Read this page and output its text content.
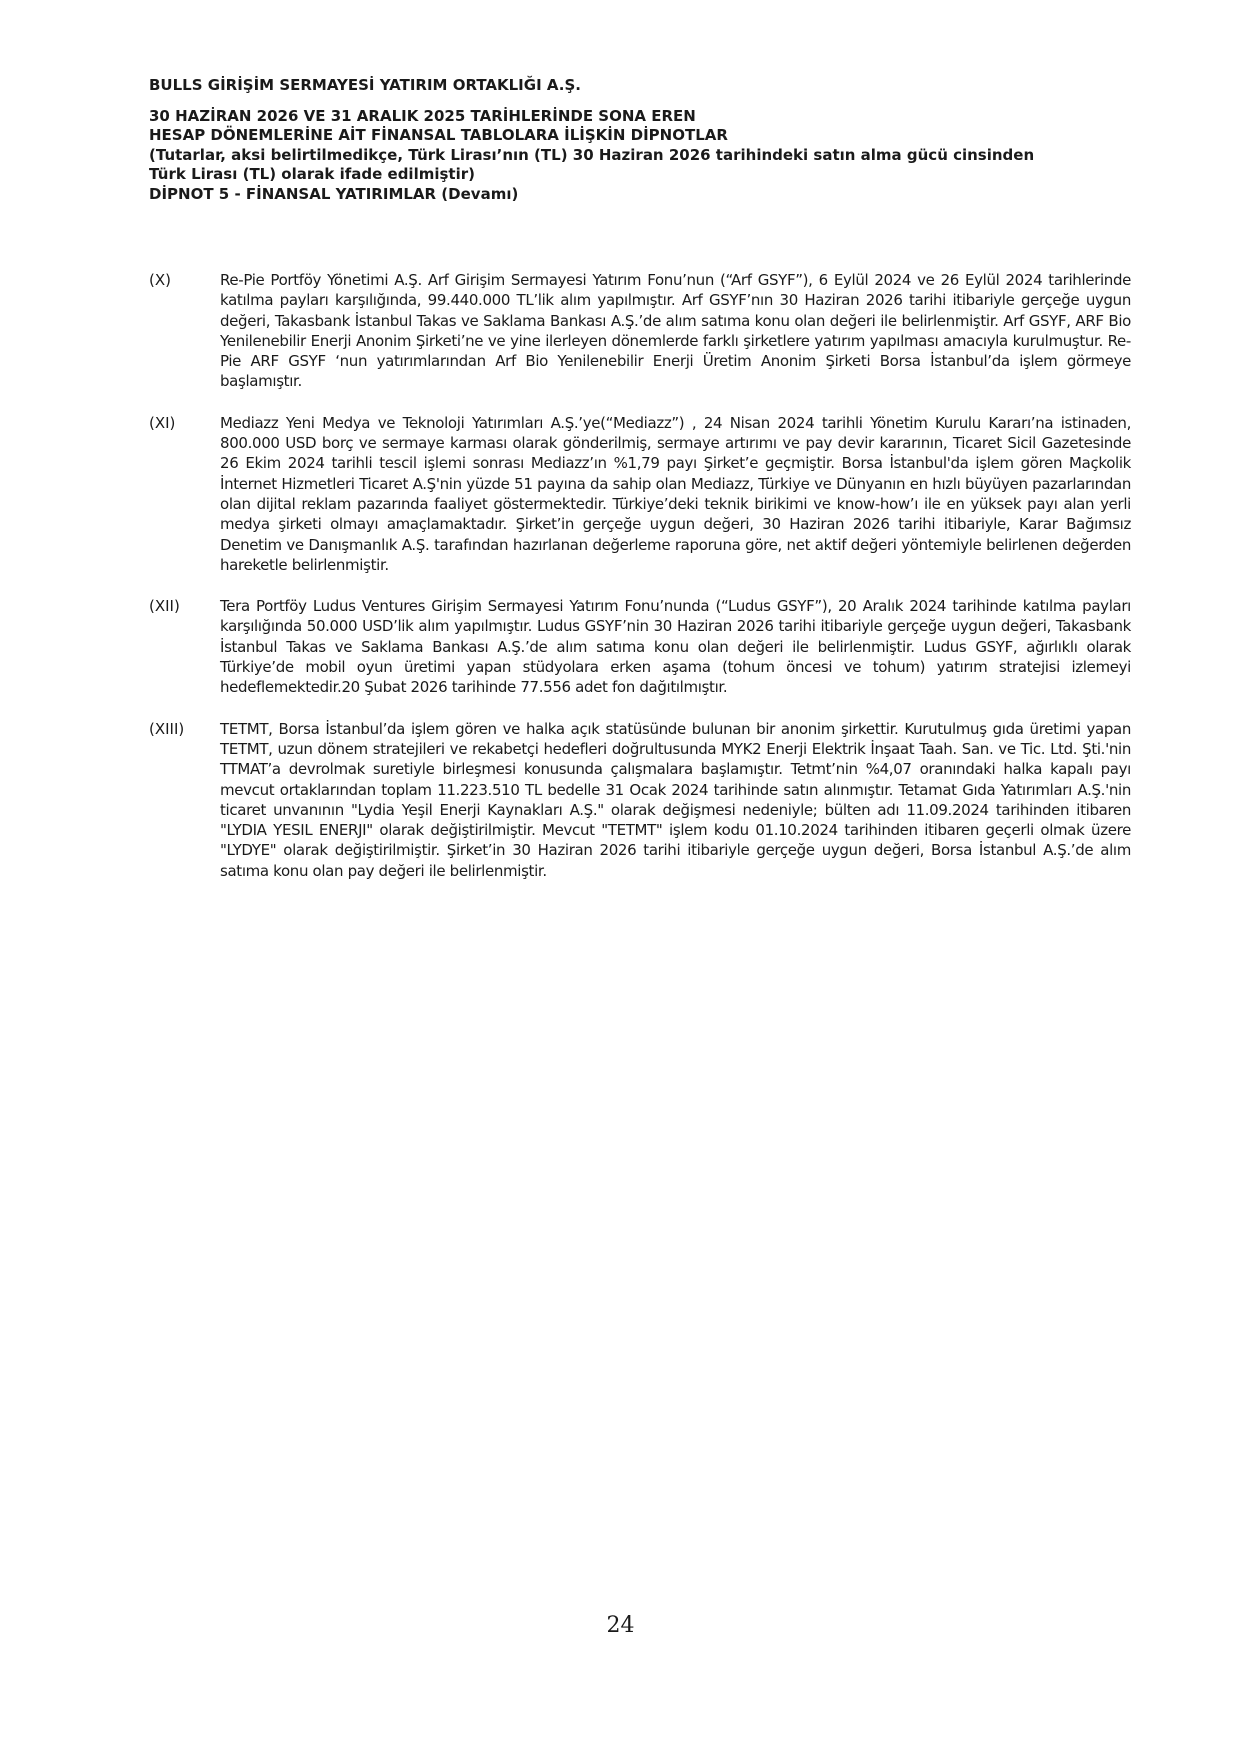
BULLS GİRİŞİM SERMAYESİ YATIRIM ORTAKLIĞI A.Ş.
30 HAZİRAN 2026 VE 31 ARALIK 2025 TARİHLERİNDE SONA EREN
HESAP DÖNEMLERİNE AİT FİNANSAL TABLOLARA İLİŞKİN DİPNOTLAR
(Tutarlar, aksi belirtilmedikçe, Türk Lirası’nın (TL) 30 Haziran 2026 tarihindeki satın alma gücü cinsinden
Türk Lirası (TL) olarak ifade edilmiştir)
DİPNOT 5 - FİNANSAL YATIRIMLAR (Devamı)
(X)	Re-Pie Portföy Yönetimi A.Ş. Arf Girişim Sermayesi Yatırım Fonu’nun (“Arf GSYF”), 6 Eylül 2024 ve 26 Eylül 2024 tarihlerinde katılma payları karşılığında, 99.440.000 TL’lik alım yapılmıştır. Arf GSYF’nın 30 Haziran 2026 tarihi itibariyle gerçeğe uygun değeri, Takasbank İstanbul Takas ve Saklama Bankası A.Ş.’de alım satıma konu olan değeri ile belirlenmiştir. Arf GSYF, ARF Bio Yenilenebilir Enerji Anonim Şirketi’ne ve yine ilerleyen dönemlerde farklı şirketlere yatırım yapılması amacıyla kurulmuştur. Re-Pie ARF GSYF ‘nun yatırımlarından Arf Bio Yenilenebilir Enerji Üretim Anonim Şirketi Borsa İstanbul’da işlem görmeye başlamıştır.
(XI)	Mediazz Yeni Medya ve Teknoloji Yatırımları A.Ş.’ye(“Mediazz”) , 24 Nisan 2024 tarihli Yönetim Kurulu Kararı’na istinaden, 800.000 USD borç ve sermaye karması olarak gönderilmiş, sermaye artırımı ve pay devir kararının, Ticaret Sicil Gazetesinde 26 Ekim 2024 tarihli tescil işlemi sonrası Mediazz’ın %1,79 payı Şirket’e geçmiştir. Borsa İstanbul'da işlem gören Maçkolik İnternet Hizmetleri Ticaret A.Ş'nin yüzde 51 payına da sahip olan Mediazz, Türkiye ve Dünyanın en hızlı büyüyen pazarlarından olan dijital reklam pazarında faaliyet göstermektedir. Türkiye’deki teknik birikimi ve know-how’ı ile en yüksek payı alan yerli medya şirketi olmayı amaçlamaktadır. Şirket’in gerçeğe uygun değeri, 30 Haziran 2026 tarihi itibariyle, Karar Bağımsız Denetim ve Danışmanlık A.Ş. tarafından hazırlanan değerleme raporuna göre, net aktif değeri yöntemiyle belirlenen değerden hareketle belirlenmiştir.
(XII)	Tera Portföy Ludus Ventures Girişim Sermayesi Yatırım Fonu’nunda (“Ludus GSYF”), 20 Aralık 2024 tarihinde katılma payları karşılığında 50.000 USD’lik alım yapılmıştır. Ludus GSYF’nin 30 Haziran 2026 tarihi itibariyle gerçeğe uygun değeri, Takasbank İstanbul Takas ve Saklama Bankası A.Ş.’de alım satıma konu olan değeri ile belirlenmiştir. Ludus GSYF, ağırlıklı olarak Türkiye’de mobil oyun üretimi yapan stüdyolara erken aşama (tohum öncesi ve tohum) yatırım stratejisi izlemeyi hedeflemektedir.20 Şubat 2026 tarihinde 77.556 adet fon dağıtılmıştır.
(XIII) TETMT, Borsa İstanbul’da işlem gören ve halka açık statüsünde bulunan bir anonim şirkettir. Kurutulmuş gıda üretimi yapan TETMT, uzun dönem stratejileri ve rekabetçi hedefleri doğrultusunda MYK2 Enerji Elektrik İnşaat Taah. San. ve Tic. Ltd. Şti.'nin TTMAT’a devrolmak suretiyle birleşmesi konusunda çalışmalara başlamıştır. Tetmt’nin %4,07 oranındaki halka kapalı payı mevcut ortaklarından toplam 11.223.510 TL bedelle 31 Ocak 2024 tarihinde satın alınmıştır. Tetamat Gıda Yatırımları A.Ş.'nin ticaret unvanının "Lydia Yeşil Enerji Kaynakları A.Ş." olarak değişmesi nedeniyle; bülten adı 11.09.2024 tarihinden itibaren "LYDIA YESIL ENERJI" olarak değiştirilmiştir. Mevcut "TETMT" işlem kodu 01.10.2024 tarihinden itibaren geçerli olmak üzere "LYDYE" olarak değiştirilmiştir. Şirket’in 30 Haziran 2026 tarihi itibariyle gerçeğe uygun değeri, Borsa İstanbul A.Ş.’de alım satıma konu olan pay değeri ile belirlenmiştir.
24
